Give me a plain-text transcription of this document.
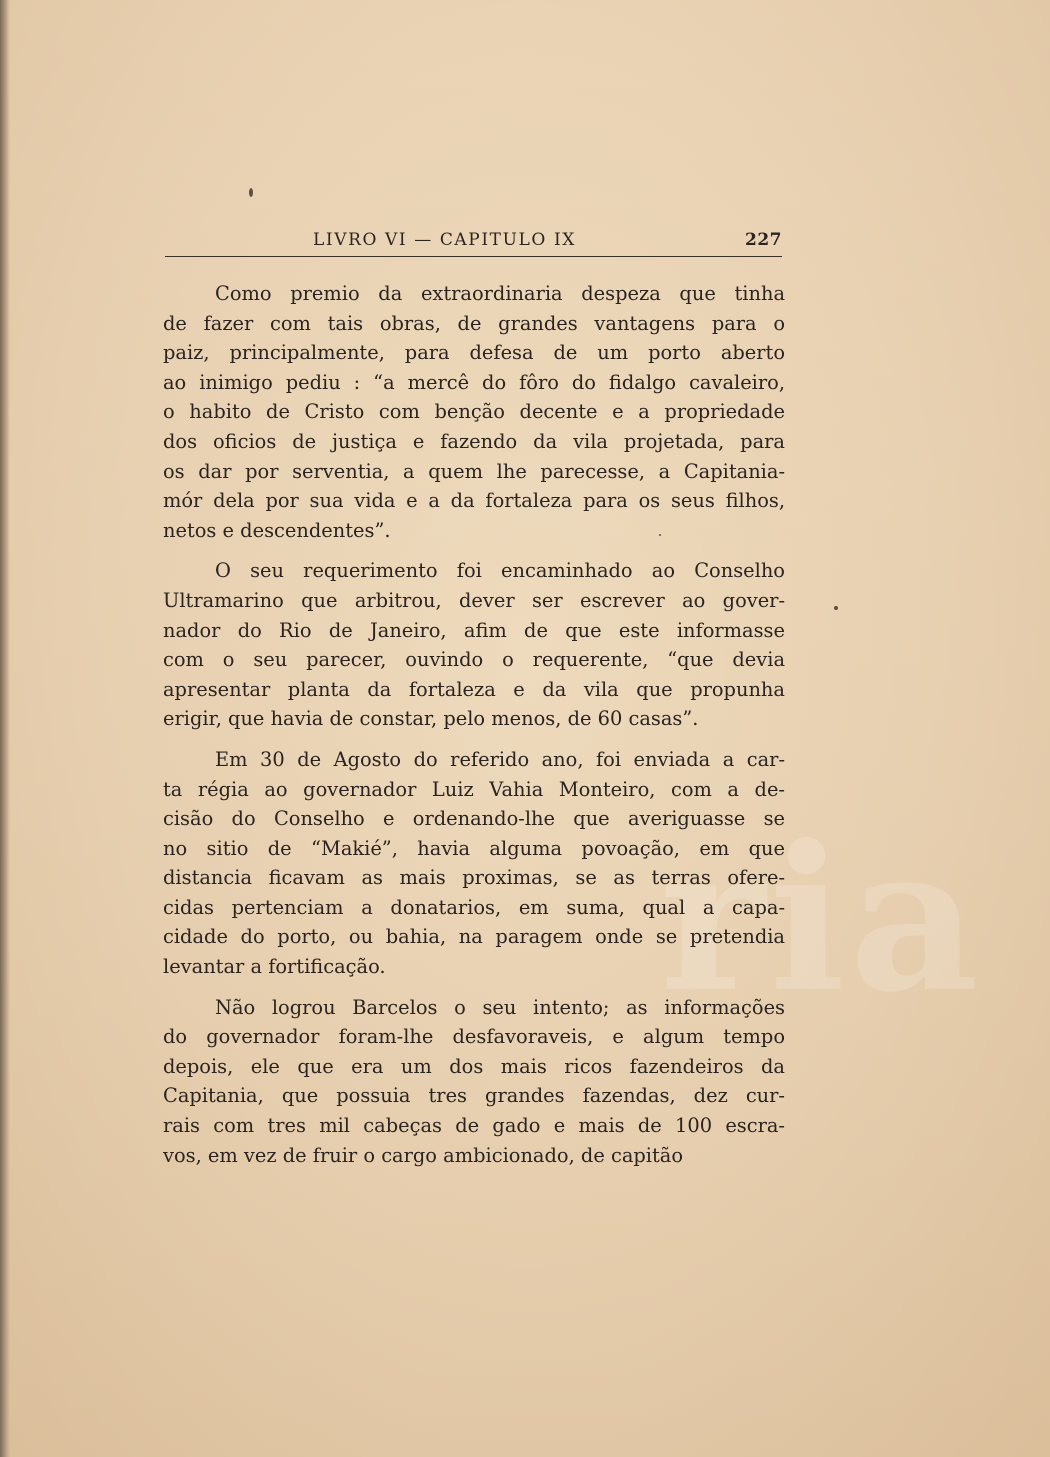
ria
LIVRO VI — CAPITULO IX	227
Como premio da extraordinaria despeza que tinha
de fazer com tais obras, de grandes vantagens para o
paiz, principalmente, para defesa de um porto aberto
ao inimigo pediu : “a mercê do fôro do fidalgo cavaleiro,
o habito de Cristo com benção decente e a propriedade
dos oficios de justiça e fazendo da vila projetada, para
os dar por serventia, a quem lhe parecesse, a Capitania-
mór dela por sua vida e a da fortaleza para os seus filhos,
netos e descendentes”.
O seu requerimento foi encaminhado ao Conselho
Ultramarino que arbitrou, dever ser escrever ao gover-
nador do Rio de Janeiro, afim de que este informasse
com o seu parecer, ouvindo o requerente, “que devia
apresentar planta da fortaleza e da vila que propunha
erigir, que havia de constar, pelo menos, de 60 casas”.
Em 30 de Agosto do referido ano, foi enviada a car-
ta régia ao governador Luiz Vahia Monteiro, com a de-
cisão do Conselho e ordenando-lhe que averiguasse se
no sitio de “Makié”, havia alguma povoação, em que
distancia ficavam as mais proximas, se as terras oferе-
cidas pertenciam a donatarios, em suma, qual a capa-
cidade do porto, ou bahia, na paragem onde se pretendia
levantar a fortificação.
Não logrou Barcelos o seu intento; as informações
do governador foram-lhe desfavoraveis, e algum tempo
depois, ele que era um dos mais ricos fazendeiros da
Capitania, que possuia tres grandes fazendas, dez cur-
rais com tres mil cabeças de gado e mais de 100 escra-
vos, em vez de fruir o cargo ambicionado, de capitão
